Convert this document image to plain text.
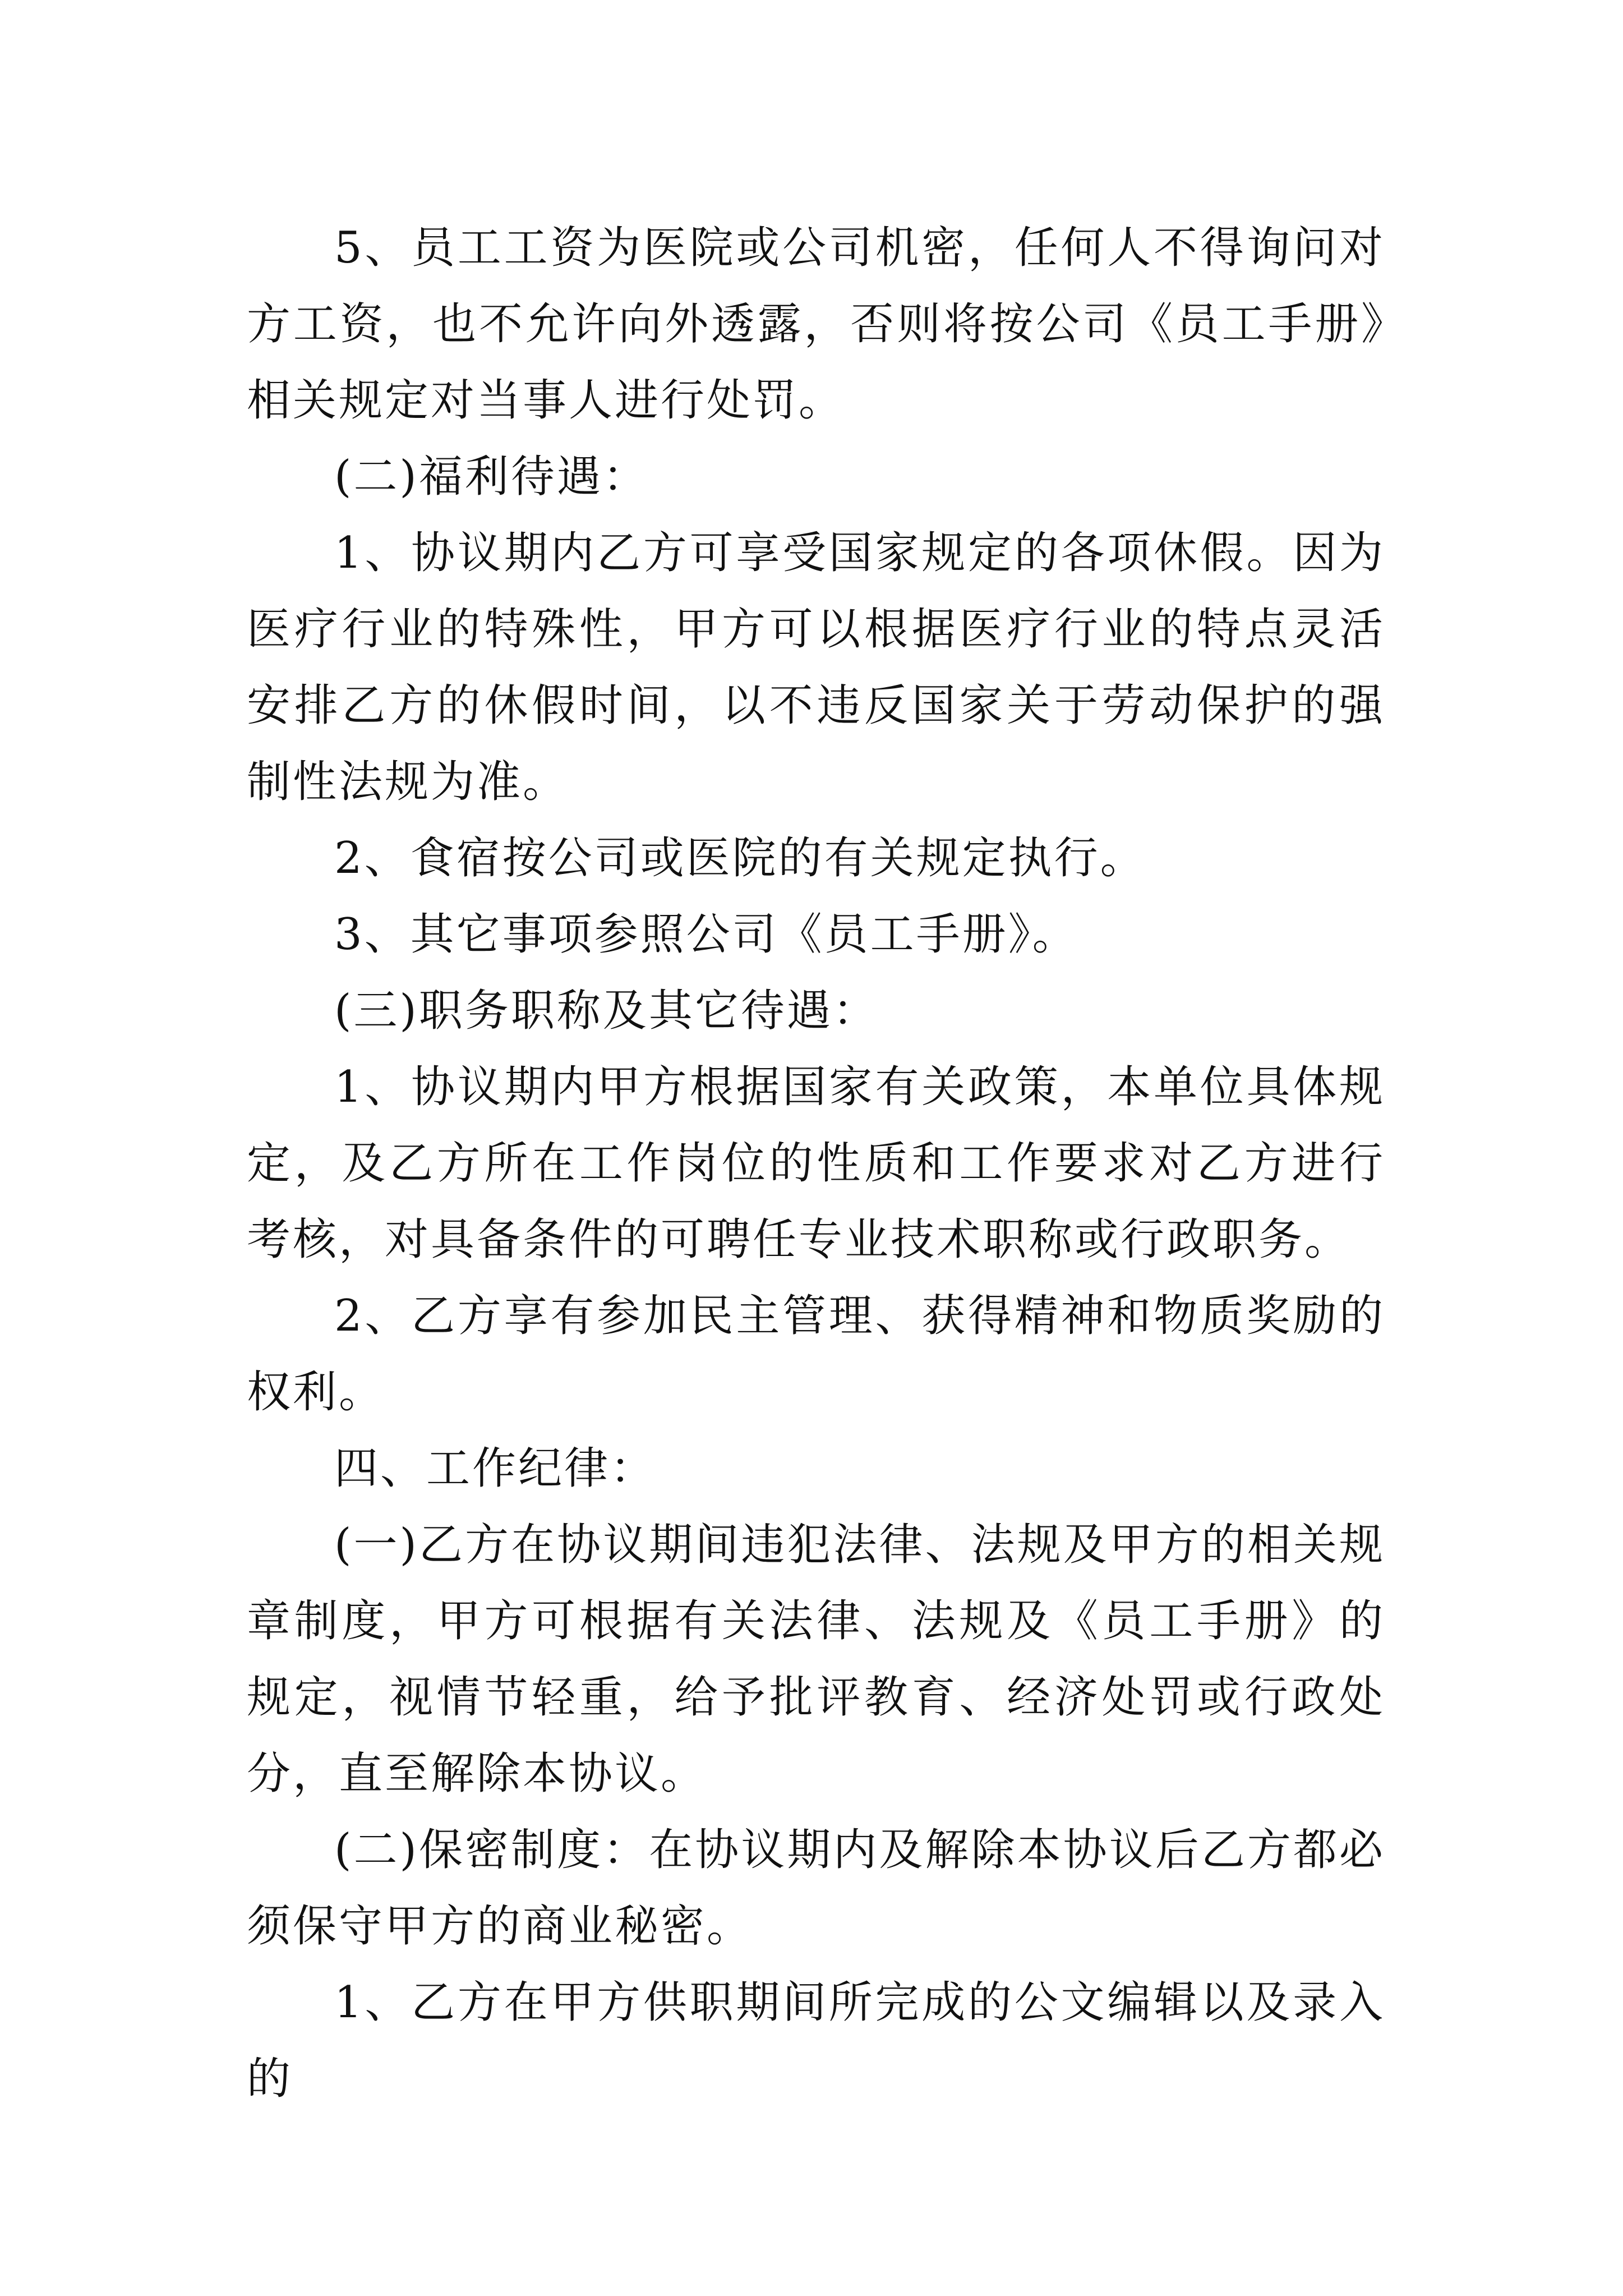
5、员工工资为医院或公司机密，任何人不得询问对方工资，也不允许向外透露，否则将按公司《员工手册》相关规定对当事人进行处罚。

(二)福利待遇：

1、协议期内乙方可享受国家规定的各项休假。因为医疗行业的特殊性，甲方可以根据医疗行业的特点灵活安排乙方的休假时间，以不违反国家关于劳动保护的强制性法规为准。

2、食宿按公司或医院的有关规定执行。

3、其它事项参照公司《员工手册》。

(三)职务职称及其它待遇：

1、协议期内甲方根据国家有关政策，本单位具体规定，及乙方所在工作岗位的性质和工作要求对乙方进行考核，对具备条件的可聘任专业技术职称或行政职务。

2、乙方享有参加民主管理、获得精神和物质奖励的权利。

四、工作纪律：

(一)乙方在协议期间违犯法律、法规及甲方的相关规章制度，甲方可根据有关法律、法规及《员工手册》的规定，视情节轻重，给予批评教育、经济处罚或行政处分，直至解除本协议。

(二)保密制度：在协议期内及解除本协议后乙方都必须保守甲方的商业秘密。

1、乙方在甲方供职期间所完成的公文编辑以及录入的
